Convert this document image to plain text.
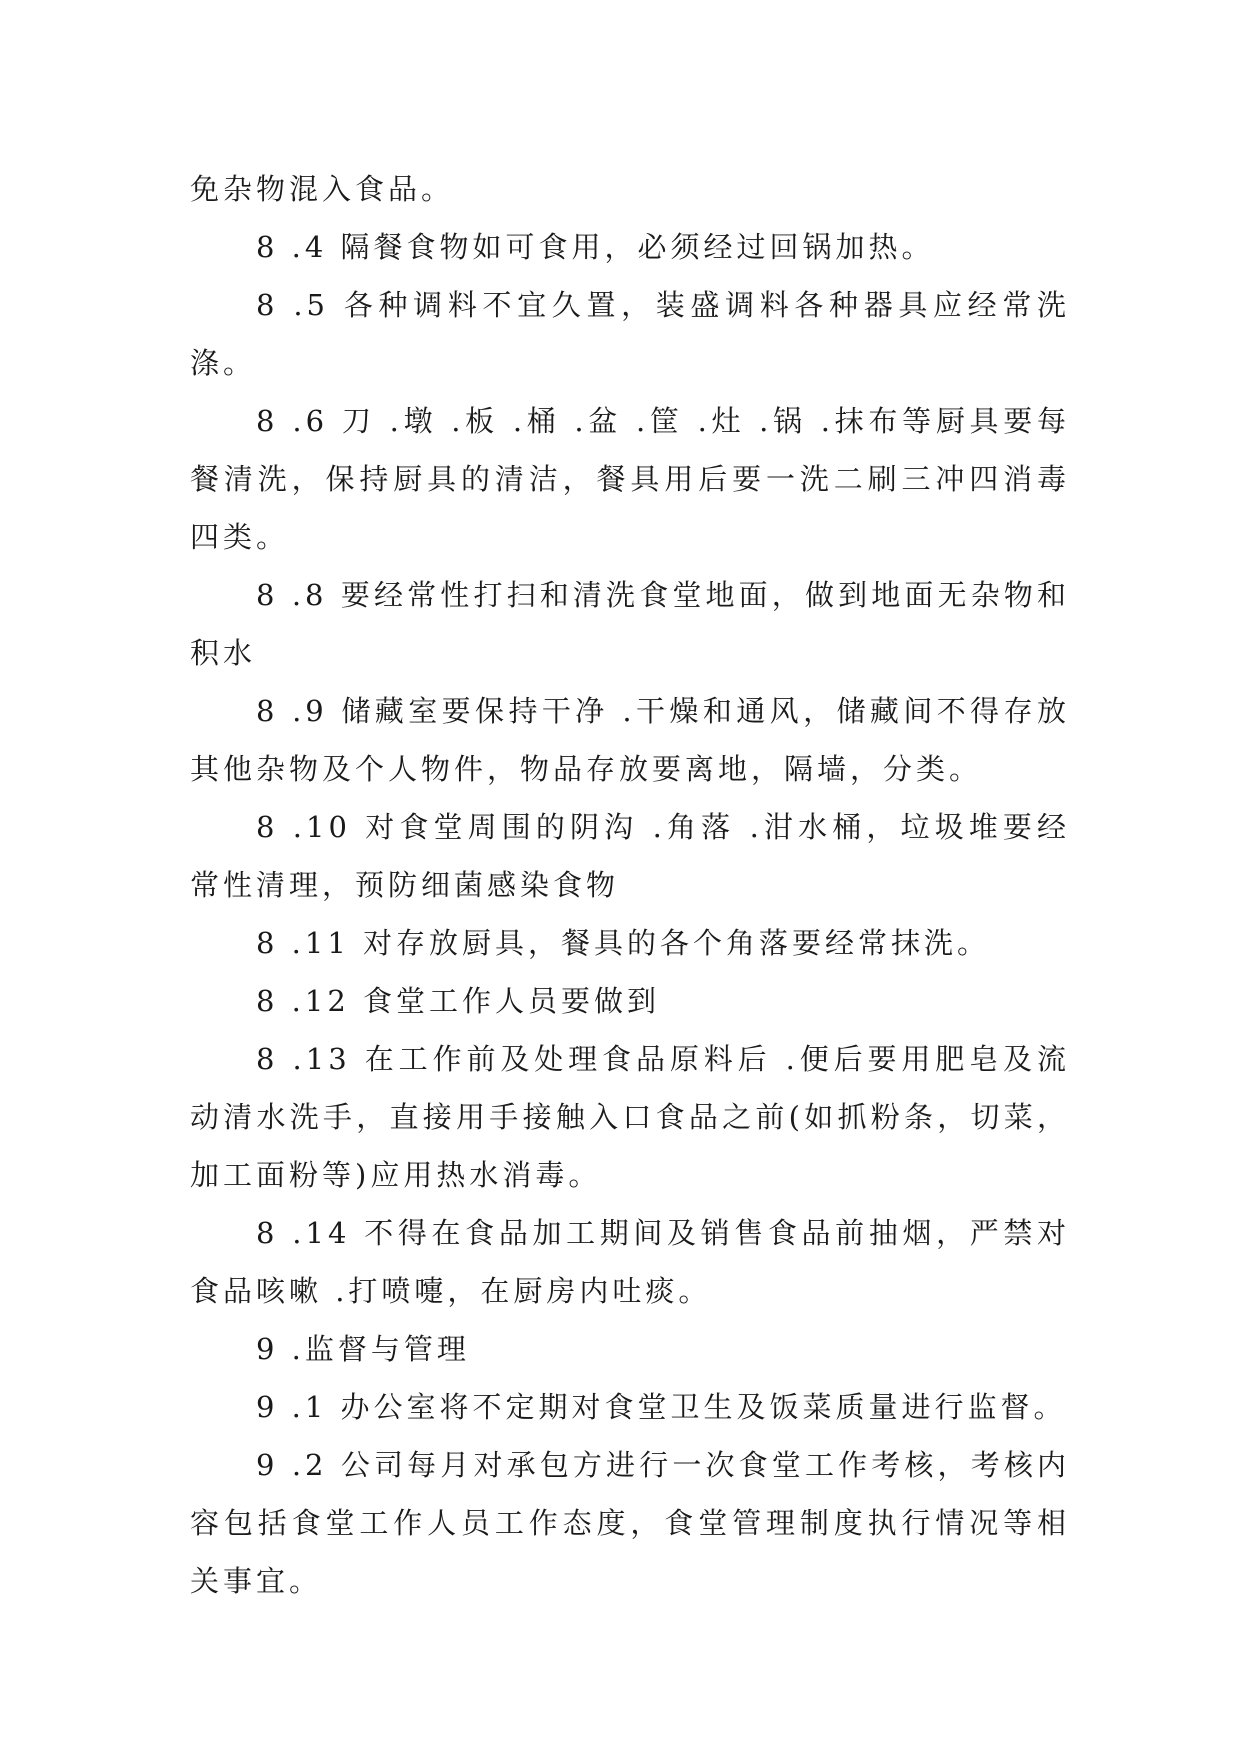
免杂物混入食品。

8 .4 隔餐食物如可食用，必须经过回锅加热。

8 .5 各种调料不宜久置，装盛调料各种器具应经常洗涤。

8 .6 刀 .墩 .板 .桶 .盆 .筐 .灶 .锅 .抹布等厨具要每餐清洗，保持厨具的清洁，餐具用后要一洗二刷三冲四消毒四类。

8 .8 要经常性打扫和清洗食堂地面，做到地面无杂物和积水

8 .9 储藏室要保持干净 .干燥和通风，储藏间不得存放其他杂物及个人物件，物品存放要离地，隔墙，分类。

8 .10 对食堂周围的阴沟 .角落 .泔水桶，垃圾堆要经常性清理，预防细菌感染食物

8 .11 对存放厨具，餐具的各个角落要经常抹洗。

8 .12 食堂工作人员要做到

8 .13 在工作前及处理食品原料后 .便后要用肥皂及流动清水洗手，直接用手接触入口食品之前(如抓粉条，切菜，加工面粉等)应用热水消毒。

8 .14 不得在食品加工期间及销售食品前抽烟，严禁对食品咳嗽 .打喷嚏，在厨房内吐痰。

9 .监督与管理

9 .1 办公室将不定期对食堂卫生及饭菜质量进行监督。

9 .2 公司每月对承包方进行一次食堂工作考核，考核内容包括食堂工作人员工作态度，食堂管理制度执行情况等相关事宜。
